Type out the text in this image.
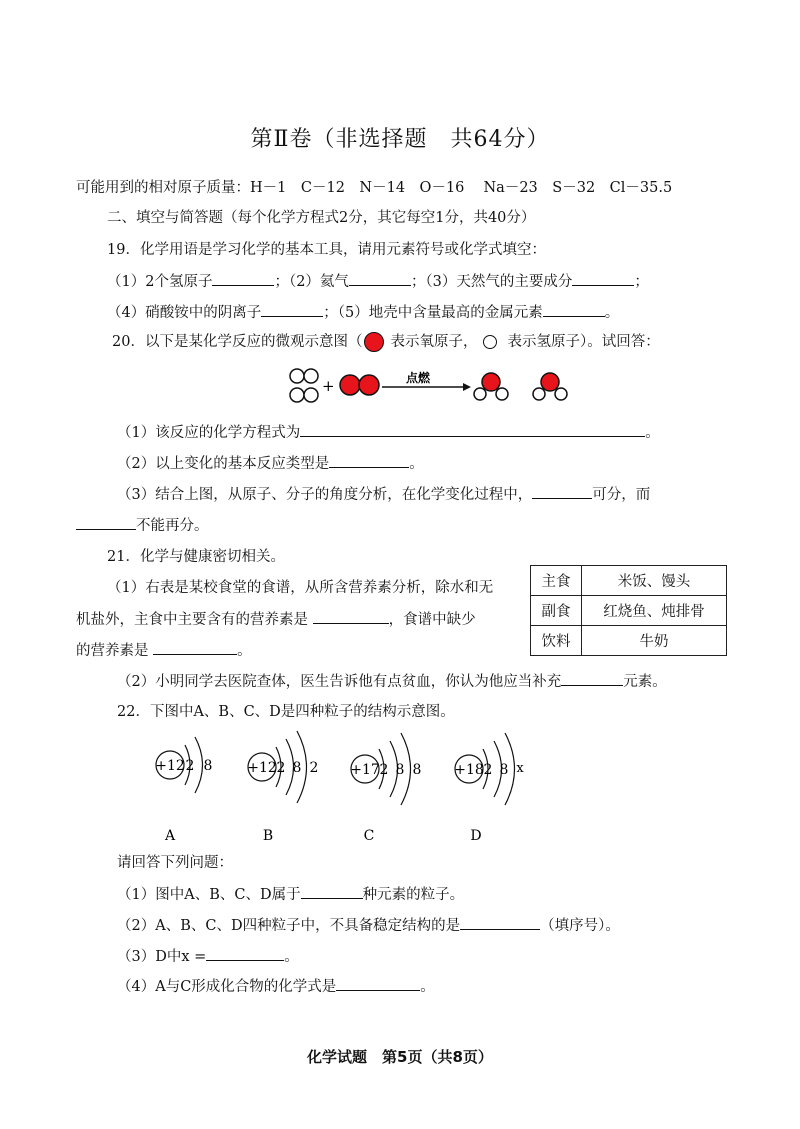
第Ⅱ卷（非选择题　共64分）
可能用到的相对原子质量：H－1　C－12　N－14　O－16　 Na－23　S－32　Cl－35.5
二、填空与简答题（每个化学方程式2分，其它每空1分，共40分）
19．化学用语是学习化学的基本工具，请用元素符号或化学式填空：
（1）2个氢原子	；（2）氦气	；（3）天然气的主要成分	；
（4）硝酸铵中的阴离子	；（5）地壳中含量最高的金属元素	。
20．以下是某化学反应的微观示意图（ 表示氧原子， 表示氢原子）。试回答：
+	点燃
（1）该反应的化学方程式为	。
（2）以上变化的基本反应类型是	。
（3）结合上图，从原子、分子的角度分析，在化学变化过程中，	可分，而
不能再分。
21．化学与健康密切相关。
（1）右表是某校食堂的食谱，从所含营养素分析，除水和无
机盐外，主食中主要含有的营养素是	，食谱中缺少
的营养素是	。
主食	米饭、馒头
副食	红烧鱼、炖排骨
饮料	牛奶
（2）小明同学去医院查体，医生告诉他有点贫血，你认为他应当补充	元素。
22．下图中A、B、C、D是四种粒子的结构示意图。
+12 2 8
A
+12 2 8 2
B
+17 2 8 8
C
+18 2 8 x
D
请回答下列问题：
（1）图中A、B、C、D属于	种元素的粒子。
（2）A、B、C、D四种粒子中，不具备稳定结构的是	（填序号）。
（3）D中x =	。
（4）A与C形成化合物的化学式是	。
化学试题　第5页（共8页）
